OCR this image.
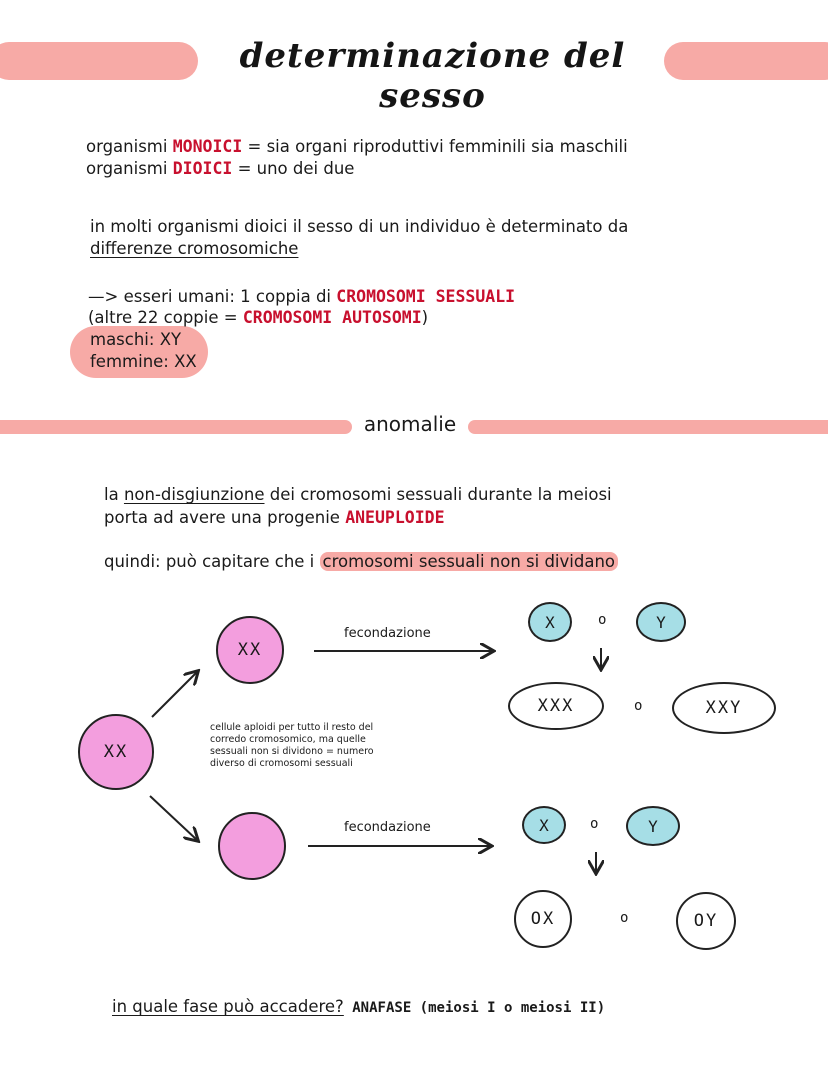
determinazione del sesso
organismi MONOICI = sia organi riproduttivi femminili sia maschili
organismi DIOICI = uno dei due
in molti organismi dioici il sesso di un individuo è determinato da
differenze cromosomiche
—> esseri umani: 1 coppia di CROMOSOMI SESSUALI
(altre 22 coppie = CROMOSOMI AUTOSOMI)
maschi: XY
femmine: XX
anomalie
la non-disgiunzione dei cromosomi sessuali durante la meiosi
porta ad avere una progenie ANEUPLOIDE
quindi: può capitare che i cromosomi sessuali non si dividano
XX
XX
cellule aploidi per tutto il resto del
corredo cromosomico, ma quelle
sessuali non si dividono = numero
diverso di cromosomi sessuali
fecondazione
fecondazione
X	o	Y
XXX	o	XXY
X	o	Y
OX	o	OY
in quale fase può accadere? ANAFASE (meiosi I o meiosi II)
